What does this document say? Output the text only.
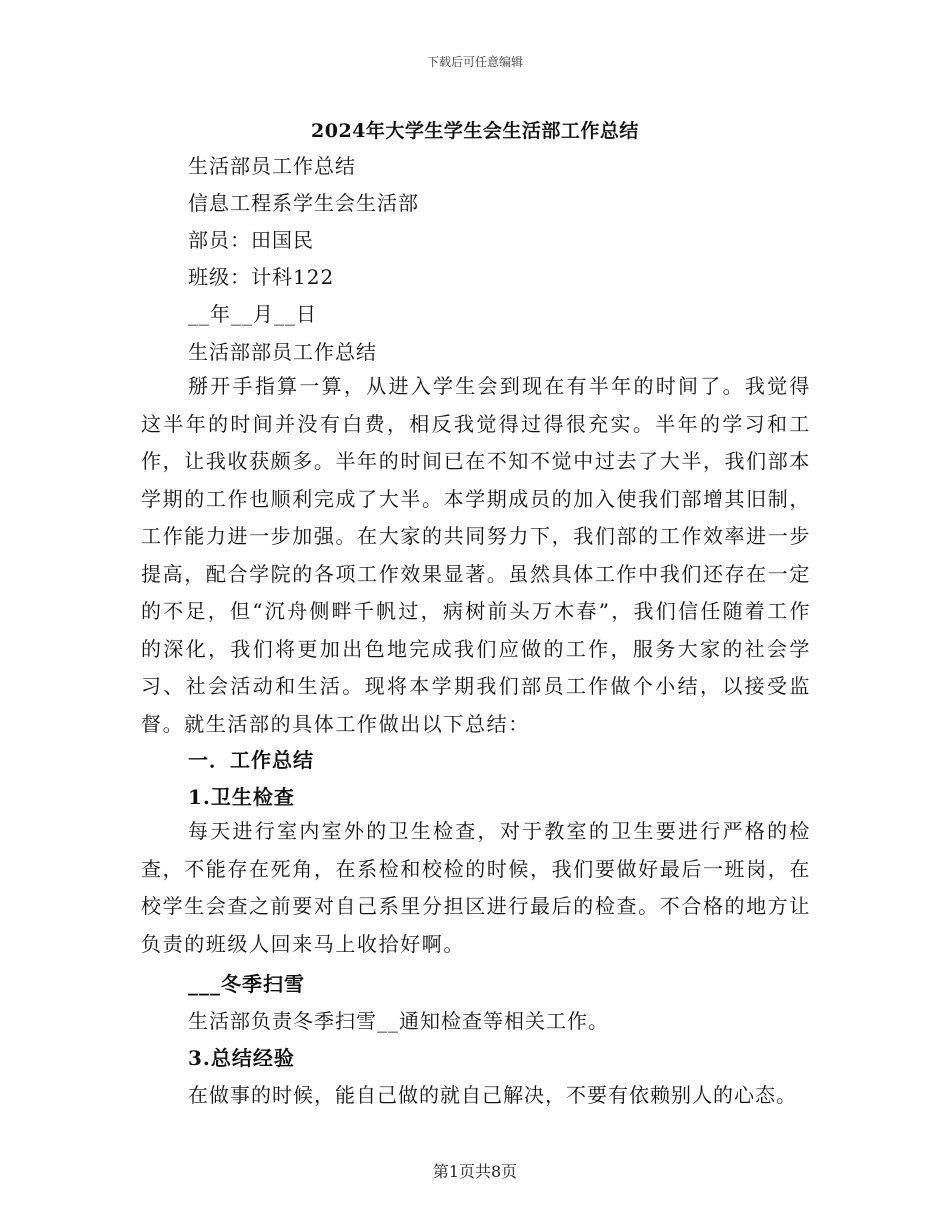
下载后可任意编辑
2024年大学生学生会生活部工作总结
生活部员工作总结
信息工程系学生会生活部
部员：田国民
班级：计科122
__年__月__日
生活部部员工作总结
掰开手指算一算，从进入学生会到现在有半年的时间了。我觉得这半年的时间并没有白费，相反我觉得过得很充实。半年的学习和工作，让我收获颇多。半年的时间已在不知不觉中过去了大半，我们部本学期的工作也顺利完成了大半。本学期成员的加入使我们部增其旧制，工作能力进一步加强。在大家的共同努力下，我们部的工作效率进一步提高，配合学院的各项工作效果显著。虽然具体工作中我们还存在一定的不足，但“沉舟侧畔千帆过，病树前头万木春”，我们信任随着工作的深化，我们将更加出色地完成我们应做的工作，服务大家的社会学习、社会活动和生活。现将本学期我们部员工作做个小结，以接受监督。就生活部的具体工作做出以下总结：
一．工作总结
1.卫生检查
每天进行室内室外的卫生检查，对于教室的卫生要进行严格的检查，不能存在死角，在系检和校检的时候，我们要做好最后一班岗，在校学生会查之前要对自己系里分担区进行最后的检查。不合格的地方让负责的班级人回来马上收拾好啊。
___冬季扫雪
生活部负责冬季扫雪__通知检查等相关工作。
3.总结经验
在做事的时候，能自己做的就自己解决，不要有依赖别人的心态。
第1页共8页
